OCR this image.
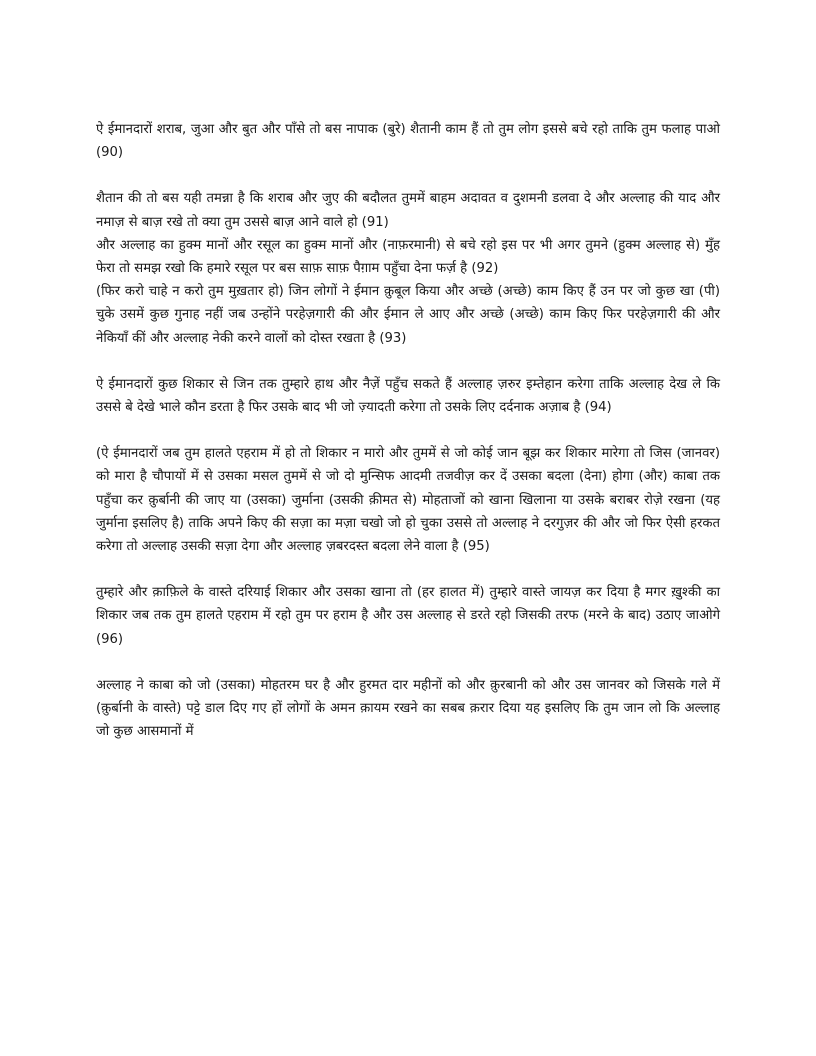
ऐ ईमानदारों शराब, जुआ और बुत और पाँसे तो बस नापाक (बुरे) शैतानी काम हैं तो तुम लोग इससे बचे रहो ताकि तुम फलाह पाओ (90)

शैतान की तो बस यही तमन्ना है कि शराब और जुए की बदौलत तुममें बाहम अदावत व दुशमनी डलवा दे और अल्लाह की याद और नमाज़ से बाज़ रखे तो क्या तुम उससे बाज़ आने वाले हो (91)

और अल्लाह का हुक्म मानों और रसूल का हुक्म मानों और (नाफ़रमानी) से बचे रहो इस पर भी अगर तुमने (हुक्म अल्लाह से) मुँह फेरा तो समझ रखो कि हमारे रसूल पर बस साफ़ साफ़ पैग़ाम पहुँचा देना फर्ज़ है (92)

(फिर करो चाहे न करो तुम मुख़तार हो) जिन लोगों ने ईमान क़ुबूल किया और अच्छे (अच्छे) काम किए हैं उन पर जो कुछ खा (पी) चुके उसमें कुछ गुनाह नहीं जब उन्होंने परहेज़गारी की और ईमान ले आए और अच्छे (अच्छे) काम किए फिर परहेज़गारी की और नेकियाँ कीं और अल्लाह नेकी करने वालों को दोस्त रखता है (93)

ऐ ईमानदारों कुछ शिकार से जिन तक तुम्हारे हाथ और नैज़ें पहुँच सकते हैं अल्लाह ज़रुर इम्तेहान करेगा ताकि अल्लाह देख ले कि उससे बे देखे भाले कौन डरता है फिर उसके बाद भी जो ज़्यादती करेगा तो उसके लिए दर्दनाक अज़ाब है (94)

(ऐ ईमानदारों जब तुम हालते एहराम में हो तो शिकार न मारो और तुममें से जो कोई जान बूझ कर शिकार मारेगा तो जिस (जानवर) को मारा है चौपायों में से उसका मसल तुममें से जो दो मुन्सिफ आदमी तजवीज़ कर दें उसका बदला (देना) होगा (और) काबा तक पहुँचा कर क़ुर्बानी की जाए या (उसका) जुर्माना (उसकी क़ीमत से) मोहताजों को खाना खिलाना या उसके बराबर रोज़े रखना (यह जुर्माना इसलिए है) ताकि अपने किए की सज़ा का मज़ा चखो जो हो चुका उससे तो अल्लाह ने दरगुज़र की और जो फिर ऐसी हरकत करेगा तो अल्लाह उसकी सज़ा देगा और अल्लाह ज़बरदस्त बदला लेने वाला है (95)

तुम्हारे और क़ाफ़िले के वास्ते दरियाई शिकार और उसका खाना तो (हर हालत में) तुम्हारे वास्ते जायज़ कर दिया है मगर ख़ुश्की का शिकार जब तक तुम हालते एहराम में रहो तुम पर हराम है और उस अल्लाह से डरते रहो जिसकी तरफ (मरने के बाद) उठाए जाओगे (96)

अल्लाह ने काबा को जो (उसका) मोहतरम घर है और हुरमत दार महीनों को और क़ुरबानी को और उस जानवर को जिसके गले में (क़ुर्बानी के वास्ते) पट्टे डाल दिए गए हों लोगों के अमन क़ायम रखने का सबब क़रार दिया यह इसलिए कि तुम जान लो कि अल्लाह जो कुछ आसमानों में
